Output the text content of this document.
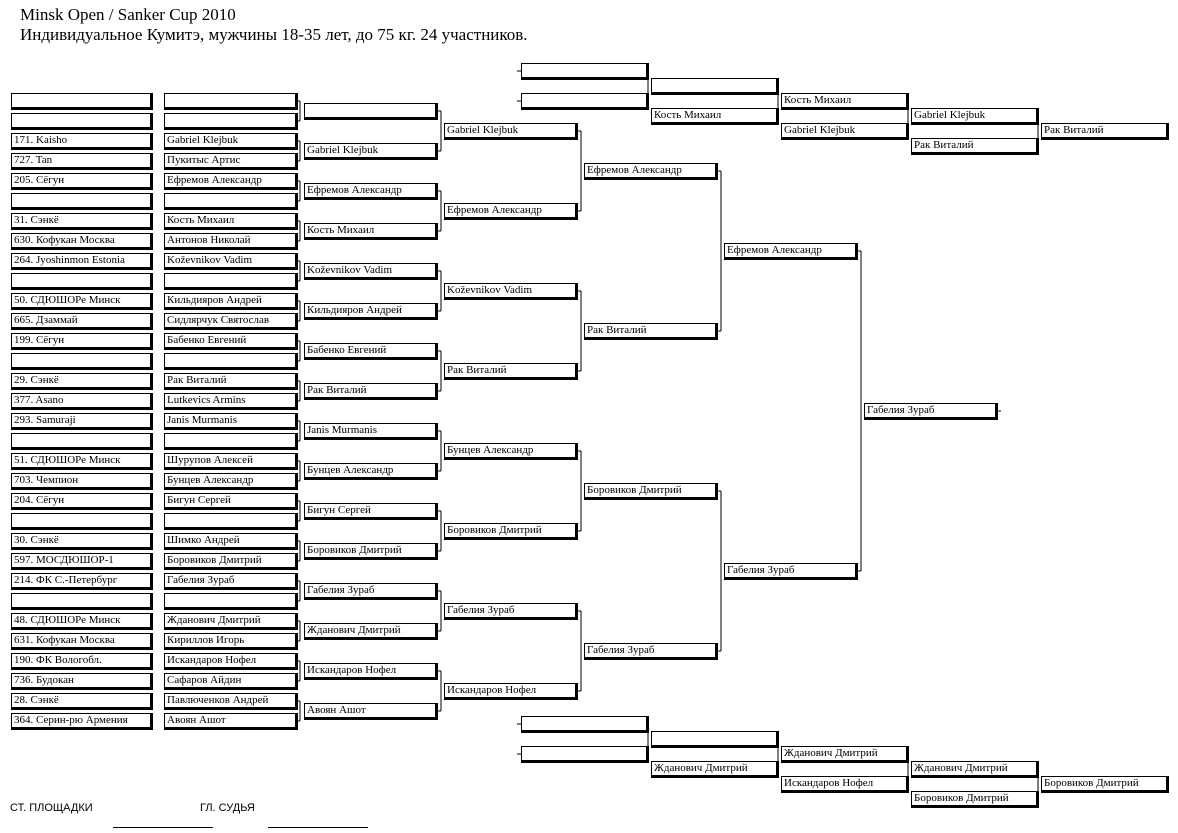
Minsk Open / Sanker Cup 2010
Индивидуальное Кумитэ, мужчины 18-35 лет, до 75 кг. 24 участников.
171. Kaisho	Gabriel Klejbuk
727. Tan	Пукитыс Артис
205. Сёгун	Ефремов Александр
31. Сэнкё	Кость Михаил
630. Кофукан Москва	Антонов Николай
264. Jyoshinmon Estonia	Koževnikov Vadim
50. СДЮШОРе Минск	Кильдияров Андрей
665. Дзаммай	Сидлярчук Святослав
199. Сёгун	Бабенко Евгений
29. Сэнкё	Рак Виталий
377. Asano	Lutkevics Armins
293. Samuraji	Janis Murmanis
51. СДЮШОРе Минск	Шурупов Алексей
703. Чемпион	Бунцев Александр
204. Сёгун	Бигун Сергей
30. Сэнкё	Шимко Андрей
597. МОСДЮШОР-1	Боровиков Дмитрий
214. ФК С.-Петербург	Габелия Зураб
48. СДЮШОРе Минск	Жданович Дмитрий
631. Кофукан Москва	Кириллов Игорь
190. ФК Вологобл.	Искандаров Нофел
736. Будокан	Сафаров Айдин
28. Сэнкё	Павлюченков Андрей
364. Серин-рю Армения	Авоян Ашот
Gabriel Klejbuk
Ефремов Александр
Кость Михаил
Koževnikov Vadim
Кильдияров Андрей
Бабенко Евгений
Рак Виталий
Janis Murmanis
Бунцев Александр
Бигун Сергей
Боровиков Дмитрий
Габелия Зураб
Жданович Дмитрий
Искандаров Нофел
Авоян Ашот
Gabriel Klejbuk
Ефремов Александр
Koževnikov Vadim
Рак Виталий
Бунцев Александр
Боровиков Дмитрий
Габелия Зураб
Искандаров Нофел
Ефремов Александр
Рак Виталий
Боровиков Дмитрий
Габелия Зураб
Ефремов Александр
Габелия Зураб
Габелия Зураб
Кость Михаил
Кость Михаил
Gabriel Klejbuk
Gabriel Klejbuk
Рак Виталий
Рак Виталий
Жданович Дмитрий
Жданович Дмитрий
Искандаров Нофел
Жданович Дмитрий
Боровиков Дмитрий
Боровиков Дмитрий
СТ. ПЛОЩАДКИ	ГЛ. СУДЬЯ
